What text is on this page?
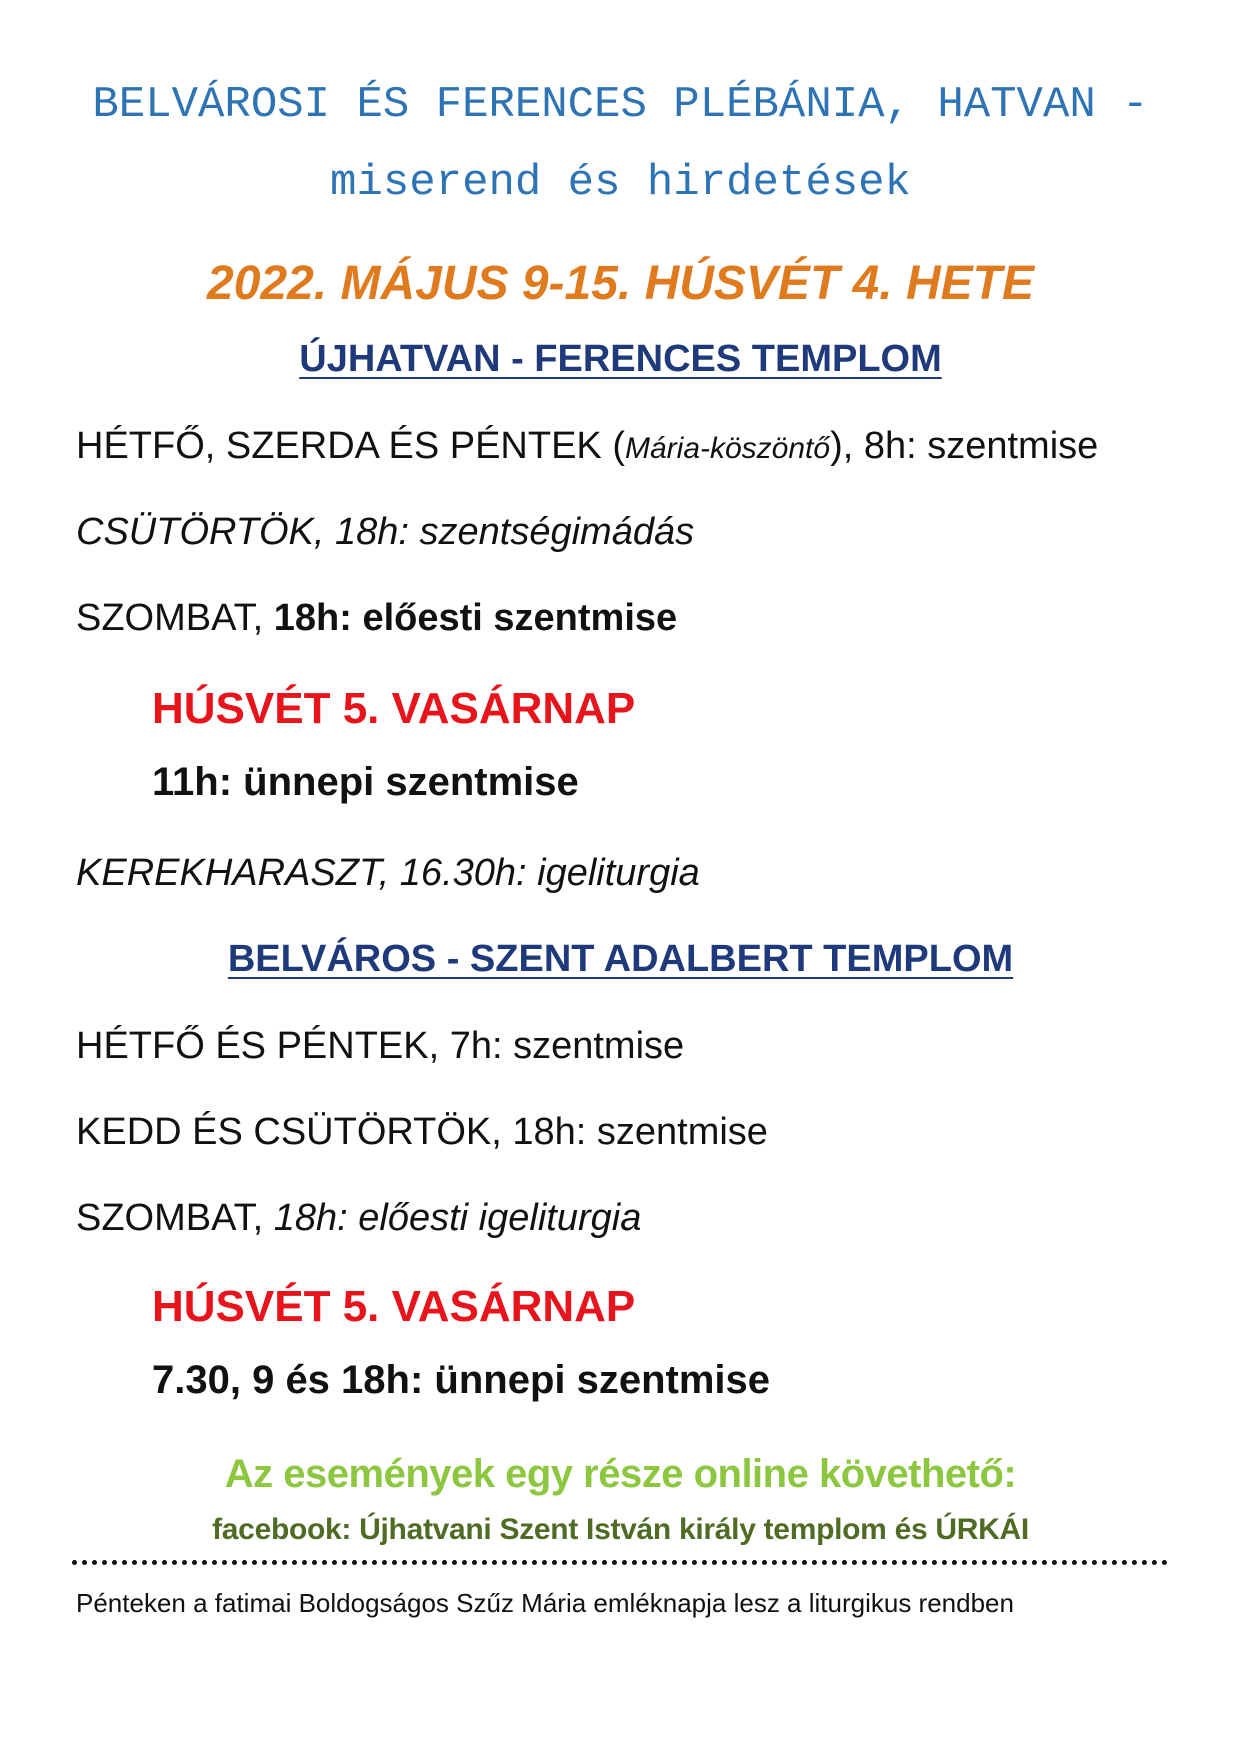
BELVÁROSI ÉS FERENCES PLÉBÁNIA, HATVAN -
miserend és hirdetések
2022. MÁJUS 9-15. HÚSVÉT 4. HETE
ÚJHATVAN - FERENCES TEMPLOM
HÉTFŐ, SZERDA ÉS PÉNTEK (Mária-köszöntő), 8h: szentmise
CSÜTÖRTÖK, 18h: szentségimádás
SZOMBAT, 18h: előesti szentmise
HÚSVÉT 5. VASÁRNAP
11h: ünnepi szentmise
KEREKHARASZT, 16.30h: igeliturgia
BELVÁROS - SZENT ADALBERT TEMPLOM
HÉTFŐ ÉS PÉNTEK, 7h: szentmise
KEDD ÉS CSÜTÖRTÖK, 18h: szentmise
SZOMBAT, 18h: előesti igeliturgia
HÚSVÉT 5. VASÁRNAP
7.30, 9 és 18h: ünnepi szentmise
Az események egy része online követhető:
facebook: Újhatvani Szent István király templom és ÚRKÁI
Pénteken a fatimai Boldogságos Szűz Mária emléknapja lesz a liturgikus rendben
